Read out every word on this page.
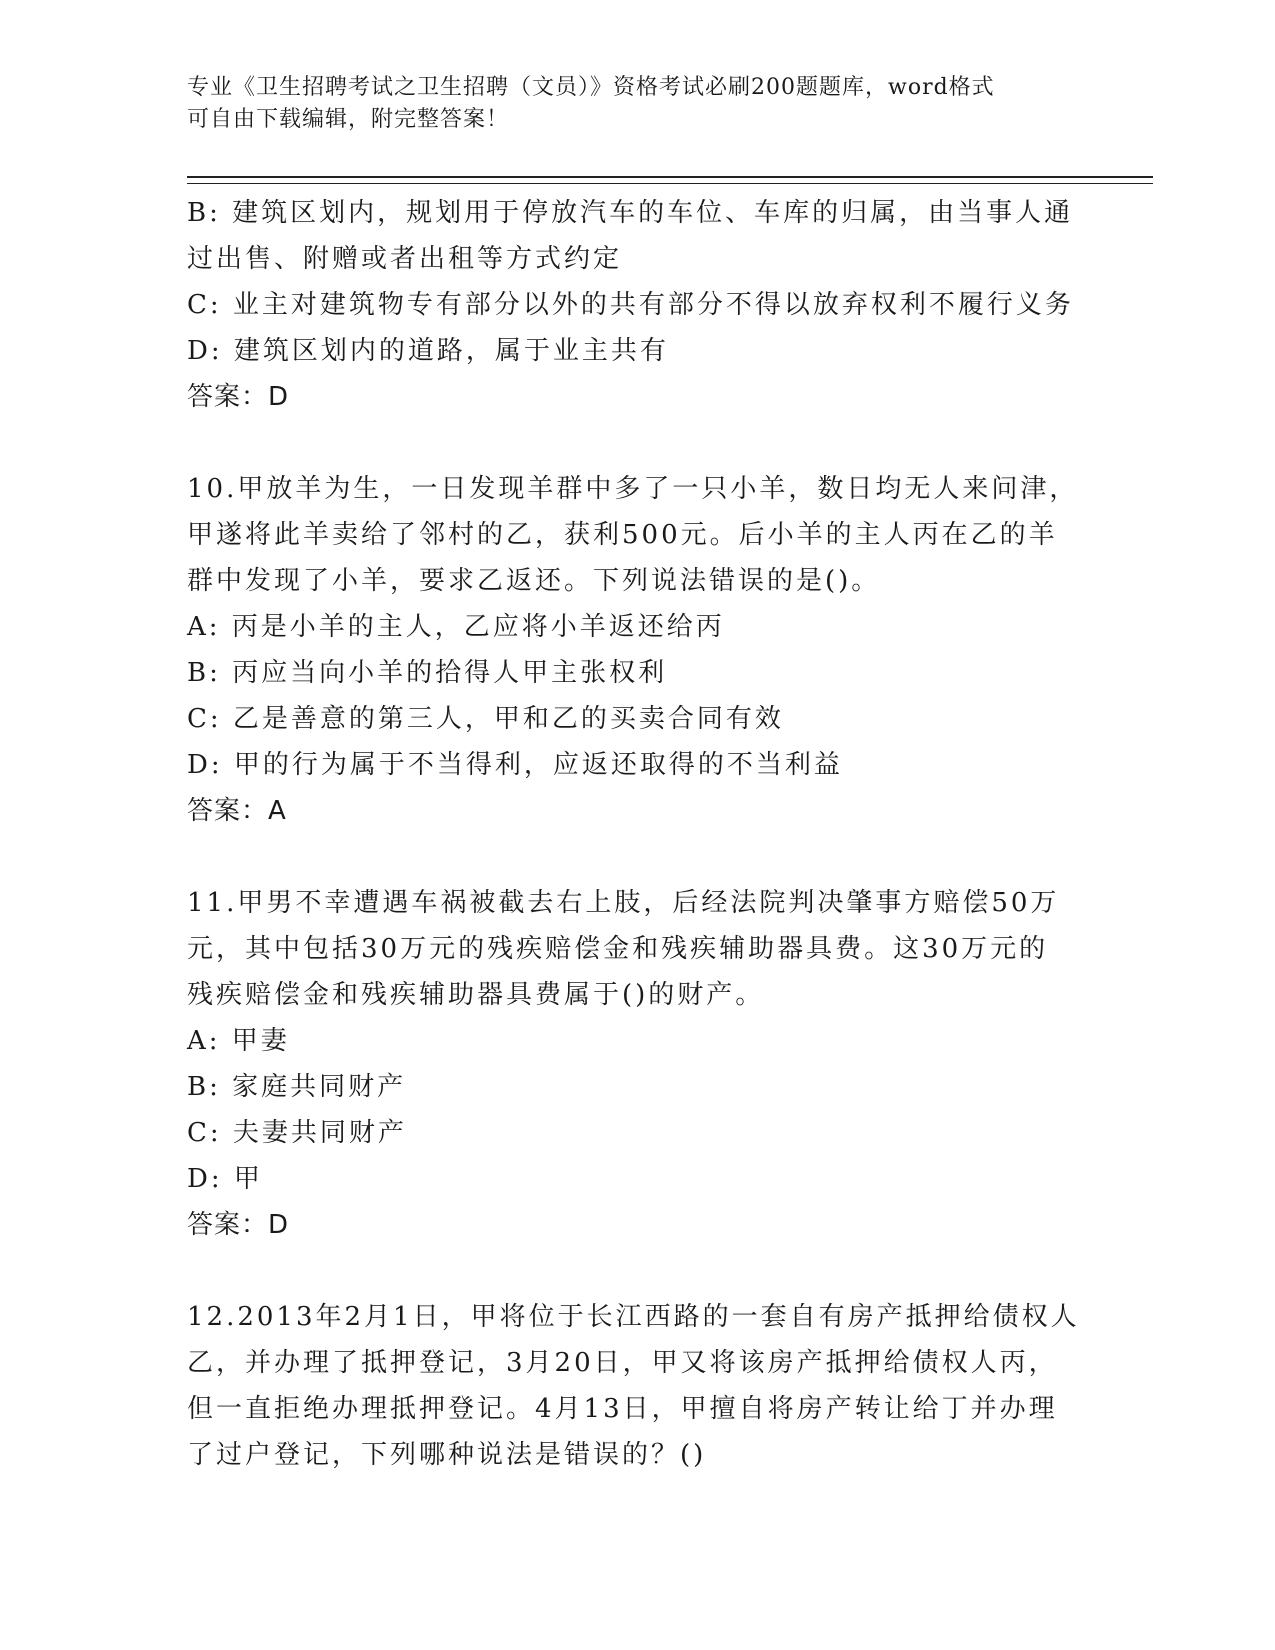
专业《卫生招聘考试之卫生招聘（文员）》资格考试必刷200题题库，word格式
可自由下载编辑，附完整答案！
B: 建筑区划内，规划用于停放汽车的车位、车库的归属，由当事人通
过出售、附赠或者出租等方式约定
C: 业主对建筑物专有部分以外的共有部分不得以放弃权利不履行义务
D: 建筑区划内的道路，属于业主共有
答案：D
10.甲放羊为生，一日发现羊群中多了一只小羊，数日均无人来问津，
甲遂将此羊卖给了邻村的乙，获利500元。后小羊的主人丙在乙的羊
群中发现了小羊，要求乙返还。下列说法错误的是()。
A: 丙是小羊的主人，乙应将小羊返还给丙
B: 丙应当向小羊的拾得人甲主张权利
C: 乙是善意的第三人，甲和乙的买卖合同有效
D: 甲的行为属于不当得利，应返还取得的不当利益
答案：A
11.甲男不幸遭遇车祸被截去右上肢，后经法院判决肇事方赔偿50万
元，其中包括30万元的残疾赔偿金和残疾辅助器具费。这30万元的
残疾赔偿金和残疾辅助器具费属于()的财产。
A: 甲妻
B: 家庭共同财产
C: 夫妻共同财产
D: 甲
答案：D
12.2013年2月1日，甲将位于长江西路的一套自有房产抵押给债权人
乙，并办理了抵押登记，3月20日，甲又将该房产抵押给债权人丙，
但一直拒绝办理抵押登记。4月13日，甲擅自将房产转让给丁并办理
了过户登记，下列哪种说法是错误的？()
